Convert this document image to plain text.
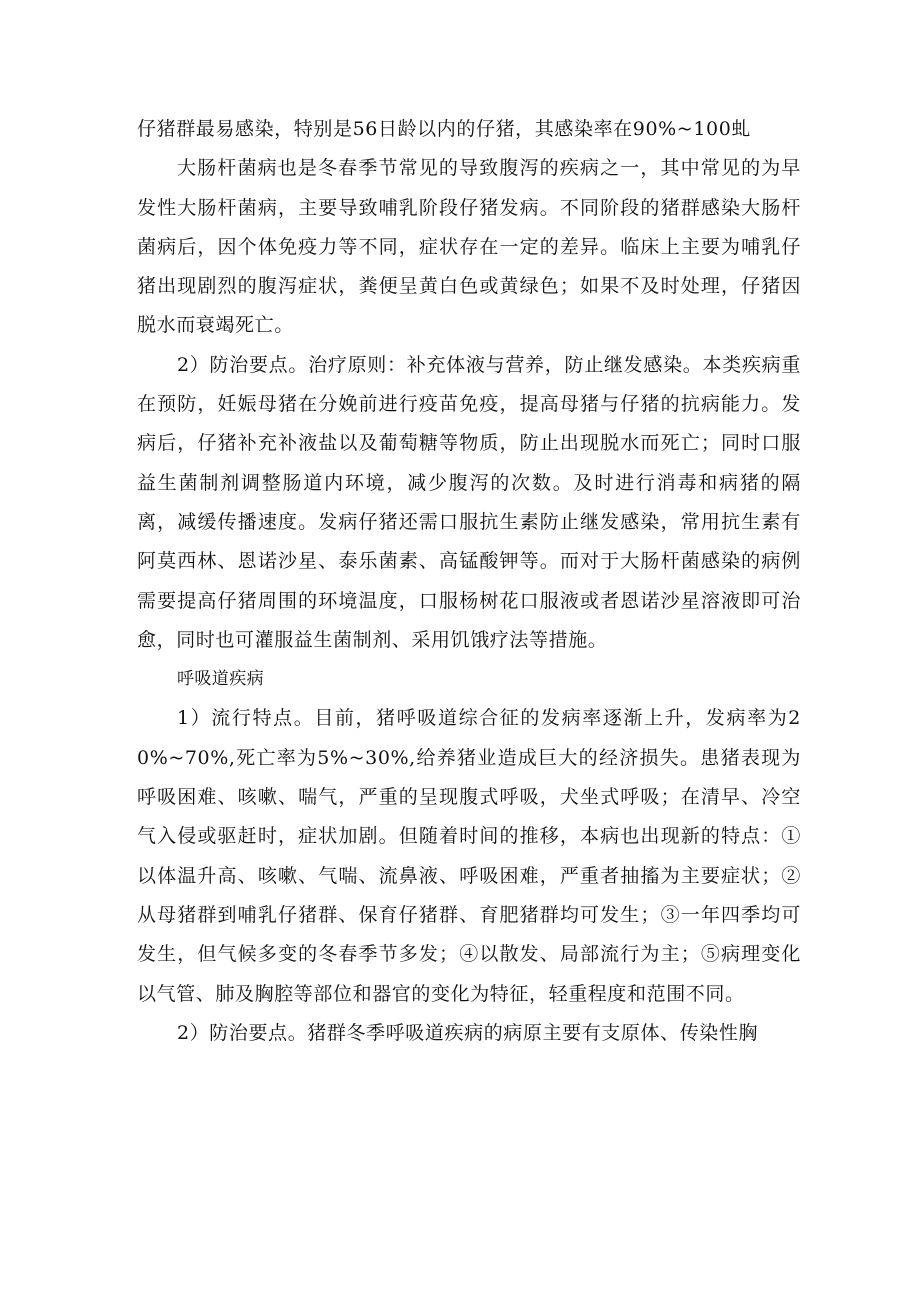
仔猪群最易感染，特别是56日龄以内的仔猪，其感染率在90%~100虬

大肠杆菌病也是冬春季节常见的导致腹泻的疾病之一，其中常见的为早发性大肠杆菌病，主要导致哺乳阶段仔猪发病。不同阶段的猪群感染大肠杆菌病后，因个体免疫力等不同，症状存在一定的差异。临床上主要为哺乳仔猪出现剧烈的腹泻症状，粪便呈黄白色或黄绿色；如果不及时处理，仔猪因脱水而衰竭死亡。

2）防治要点。治疗原则：补充体液与营养，防止继发感染。本类疾病重在预防，妊娠母猪在分娩前进行疫苗免疫，提高母猪与仔猪的抗病能力。发病后，仔猪补充补液盐以及葡萄糖等物质，防止出现脱水而死亡；同时口服益生菌制剂调整肠道内环境，减少腹泻的次数。及时进行消毒和病猪的隔离，减缓传播速度。发病仔猪还需口服抗生素防止继发感染，常用抗生素有阿莫西林、恩诺沙星、泰乐菌素、高锰酸钾等。而对于大肠杆菌感染的病例需要提高仔猪周围的环境温度，口服杨树花口服液或者恩诺沙星溶液即可治愈，同时也可灌服益生菌制剂、采用饥饿疗法等措施。

呼吸道疾病

1）流行特点。目前，猪呼吸道综合征的发病率逐渐上升，发病率为20%~70%,死亡率为5%~30%,给养猪业造成巨大的经济损失。患猪表现为呼吸困难、咳嗽、喘气，严重的呈现腹式呼吸，犬坐式呼吸；在清早、冷空气入侵或驱赶时，症状加剧。但随着时间的推移，本病也出现新的特点：①以体温升高、咳嗽、气喘、流鼻液、呼吸困难，严重者抽搐为主要症状；②从母猪群到哺乳仔猪群、保育仔猪群、育肥猪群均可发生；③一年四季均可发生，但气候多变的冬春季节多发；④以散发、局部流行为主；⑤病理变化以气管、肺及胸腔等部位和器官的变化为特征，轻重程度和范围不同。

2）防治要点。猪群冬季呼吸道疾病的病原主要有支原体、传染性胸
